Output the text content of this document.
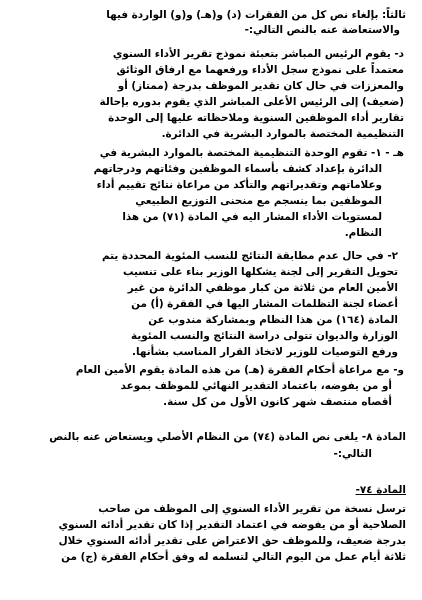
ثالثاً: بإلغاء نص كل من الفقرات (د) و(هـ) و(و) الواردة فيها
والاستعاضة عنه بالنص التالي:-
د- يقوم الرئيس المباشر بتعبئة نموذج تقرير الأداء السنوي
معتمداً على نموذج سجل الأداء ورفعهما مع ارفاق الوثائق
والمعززات في حال كان تقدير الموظف بدرجة (ممتاز) أو
(ضعيف) إلى الرئيس الأعلى المباشر الذي يقوم بدوره بإحالة
تقارير أداء الموظفين السنوية وملاحظاته عليها إلى الوحدة
التنظيمية المختصة بالموارد البشرية في الدائرة.
هـ - ١- تقوم الوحدة التنظيمية المختصة بالموارد البشرية في
الدائرة بإعداد كشف بأسماء الموظفين وفئاتهم ودرجاتهم
وعلاماتهم وتقديراتهم والتأكد من مراعاة نتائج تقييم أداء
الموظفين بما ينسجم مع منحنى التوزيع الطبيعي
لمستويات الأداء المشار اليه في المادة (٧١) من هذا
النظام.
٢- في حال عدم مطابقة النتائج للنسب المئوية المحددة يتم
تحويل التقرير إلى لجنة يشكلها الوزير بناء على تنسيب
الأمين العام من ثلاثة من كبار موظفي الدائرة من غير
أعضاء لجنة التظلمات المشار اليها في الفقرة (أ) من
المادة (١٦٤) من هذا النظام وبمشاركة مندوب عن
الوزارة والديوان تتولى دراسة النتائج والنسب المئوية
ورفع التوصيات للوزير لاتخاذ القرار المناسب بشأنها.
و- مع مراعاة أحكام الفقرة (هـ) من هذه المادة يقوم الأمين العام
أو من يفوضه، باعتماد التقدير النهائي للموظف بموعد
أقصاه منتصف شهر كانون الأول من كل سنة.
المادة ٨- يلغى نص المادة (٧٤) من النظام الأصلي ويستعاض عنه بالنص
التالي:-
المادة ٧٤-
ترسل نسخة من تقرير الأداء السنوي إلى الموظف من صاحب
الصلاحية أو من يفوضه في اعتماد التقدير إذا كان تقدير أدائه السنوي
بدرجة ضعيف، وللموظف حق الاعتراض على تقدير أدائه السنوي خلال
ثلاثة أيام عمل من اليوم التالي لتسلمه له وفق أحكام الفقرة (ج) من
